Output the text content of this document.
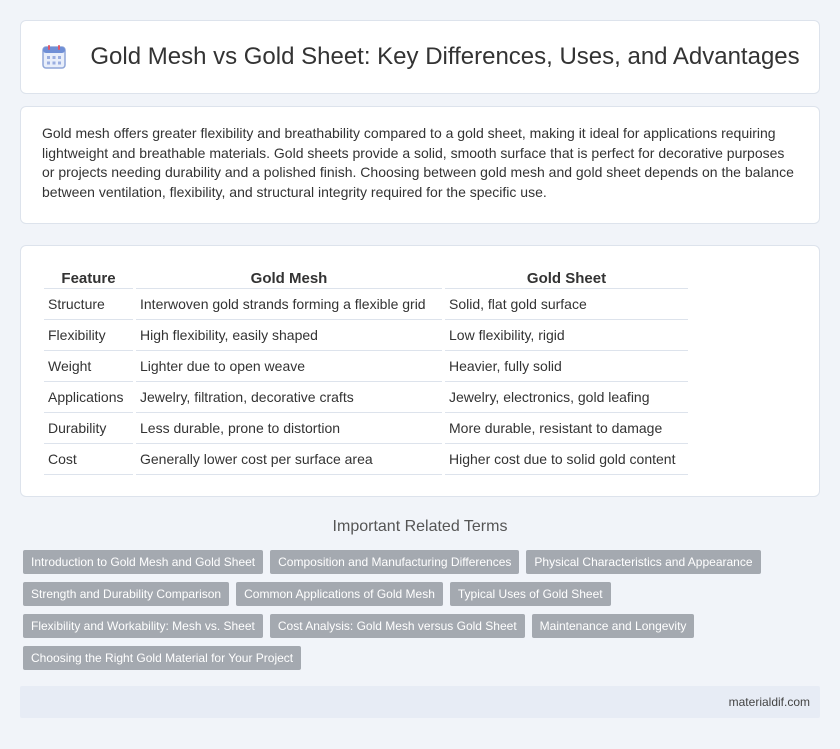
Gold Mesh vs Gold Sheet: Key Differences, Uses, and Advantages

Gold mesh offers greater flexibility and breathability compared to a gold sheet, making it ideal for applications requiring lightweight and breathable materials. Gold sheets provide a solid, smooth surface that is perfect for decorative purposes or projects needing durability and a polished finish. Choosing between gold mesh and gold sheet depends on the balance between ventilation, flexibility, and structural integrity required for the specific use.

Feature	Gold Mesh	Gold Sheet
Structure	Interwoven gold strands forming a flexible grid	Solid, flat gold surface
Flexibility	High flexibility, easily shaped	Low flexibility, rigid
Weight	Lighter due to open weave	Heavier, fully solid
Applications	Jewelry, filtration, decorative crafts	Jewelry, electronics, gold leafing
Durability	Less durable, prone to distortion	More durable, resistant to damage
Cost	Generally lower cost per surface area	Higher cost due to solid gold content
Important Related Terms
Introduction to Gold Mesh and Gold Sheet	Composition and Manufacturing Differences	Physical Characteristics and Appearance
Strength and Durability Comparison	Common Applications of Gold Mesh	Typical Uses of Gold Sheet
Flexibility and Workability: Mesh vs. Sheet	Cost Analysis: Gold Mesh versus Gold Sheet	Maintenance and Longevity
Choosing the Right Gold Material for Your Project
materialdif.com
